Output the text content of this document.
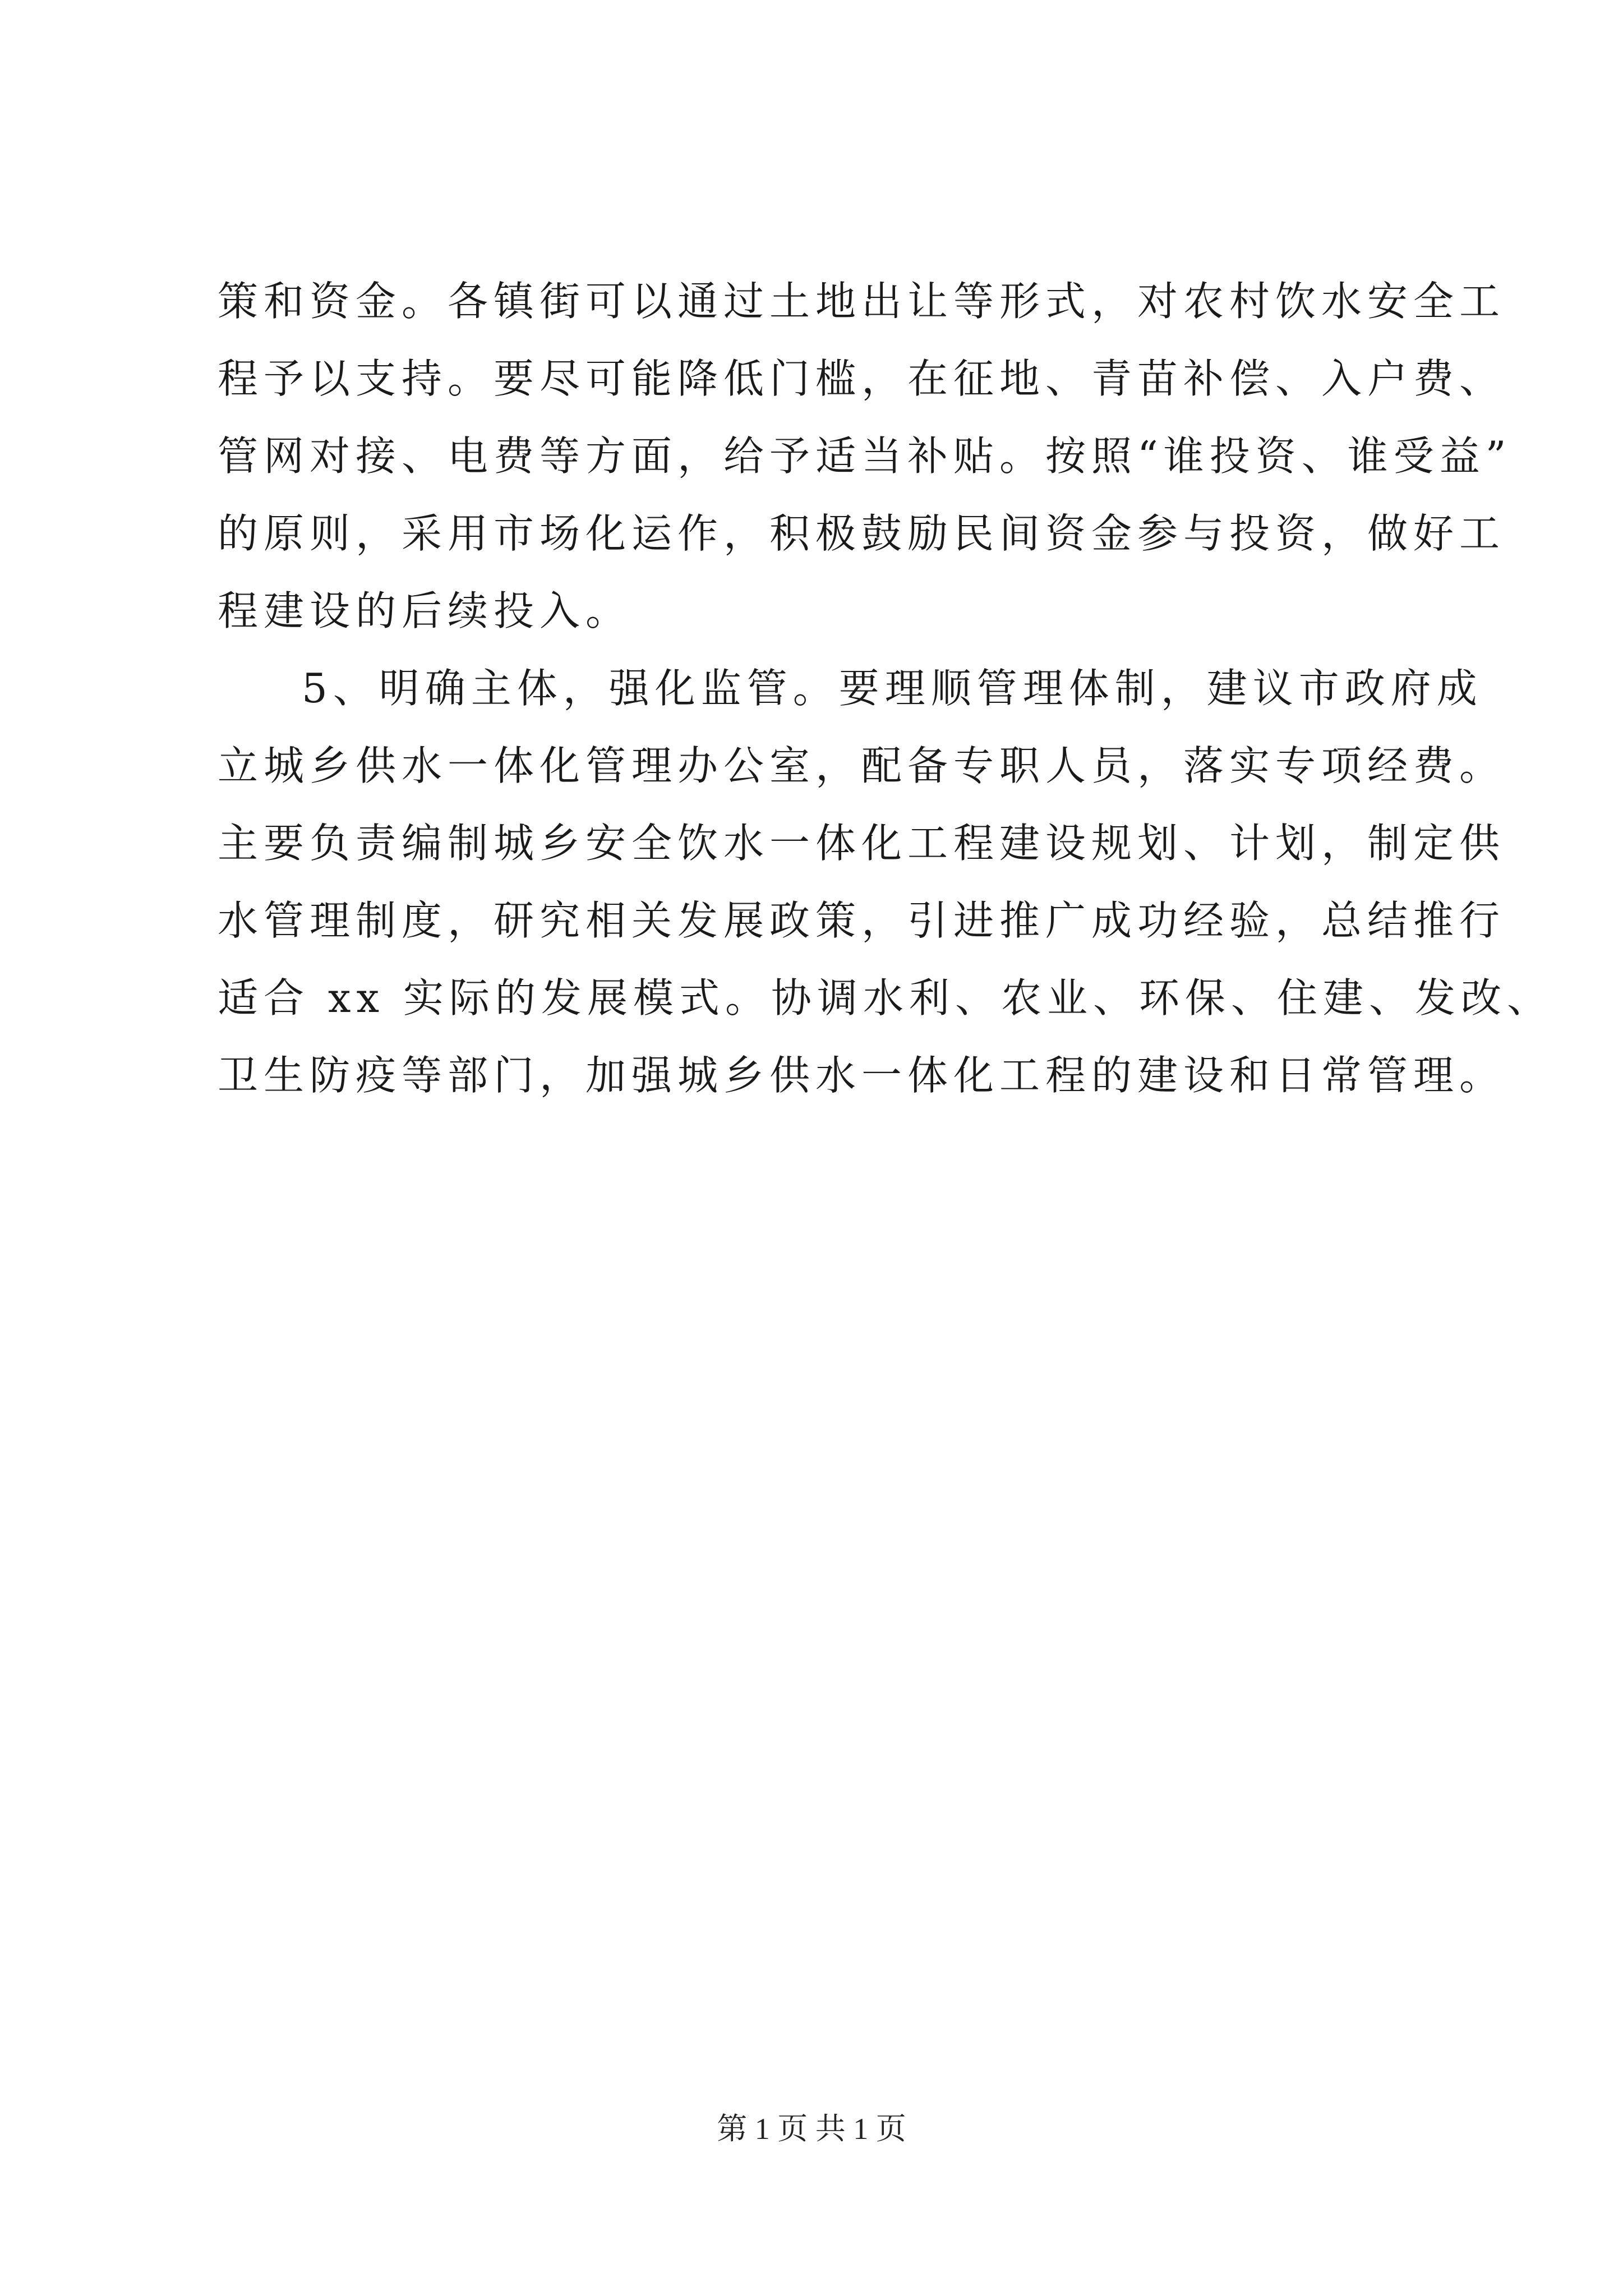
策和资金。各镇街可以通过土地出让等形式，对农村饮水安全工
程予以支持。要尽可能降低门槛，在征地、青苗补偿、入户费、
管网对接、电费等方面，给予适当补贴。按照“谁投资、谁受益”
的原则，采用市场化运作，积极鼓励民间资金参与投资，做好工
程建设的后续投入。
5、明确主体，强化监管。要理顺管理体制，建议市政府成
立城乡供水一体化管理办公室，配备专职人员，落实专项经费。
主要负责编制城乡安全饮水一体化工程建设规划、计划，制定供
水管理制度，研究相关发展政策，引进推广成功经验，总结推行
适合 xx 实际的发展模式。协调水利、农业、环保、住建、发改、
卫生防疫等部门，加强城乡供水一体化工程的建设和日常管理。
第 1 页 共 1 页
